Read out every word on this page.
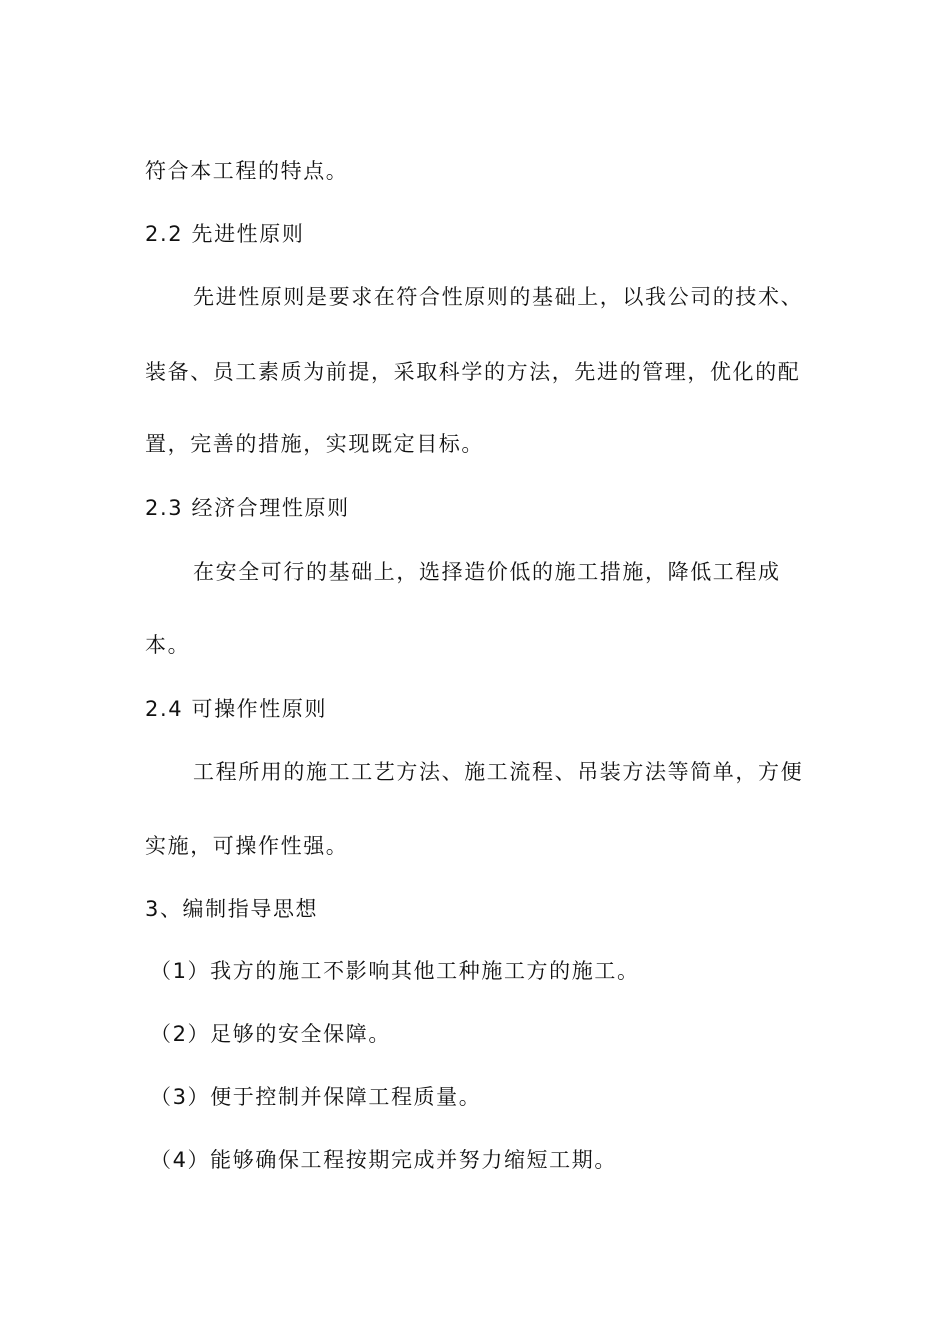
符合本工程的特点。

2.2 先进性原则

先进性原则是要求在符合性原则的基础上，以我公司的技术、

装备、员工素质为前提，采取科学的方法，先进的管理，优化的配

置，完善的措施，实现既定目标。

2.3 经济合理性原则

在安全可行的基础上，选择造价低的施工措施，降低工程成

本。

2.4 可操作性原则

工程所用的施工工艺方法、施工流程、吊装方法等简单，方便

实施，可操作性强。

3、编制指导思想

（1）我方的施工不影响其他工种施工方的施工。

（2）足够的安全保障。

（3）便于控制并保障工程质量。

（4）能够确保工程按期完成并努力缩短工期。
